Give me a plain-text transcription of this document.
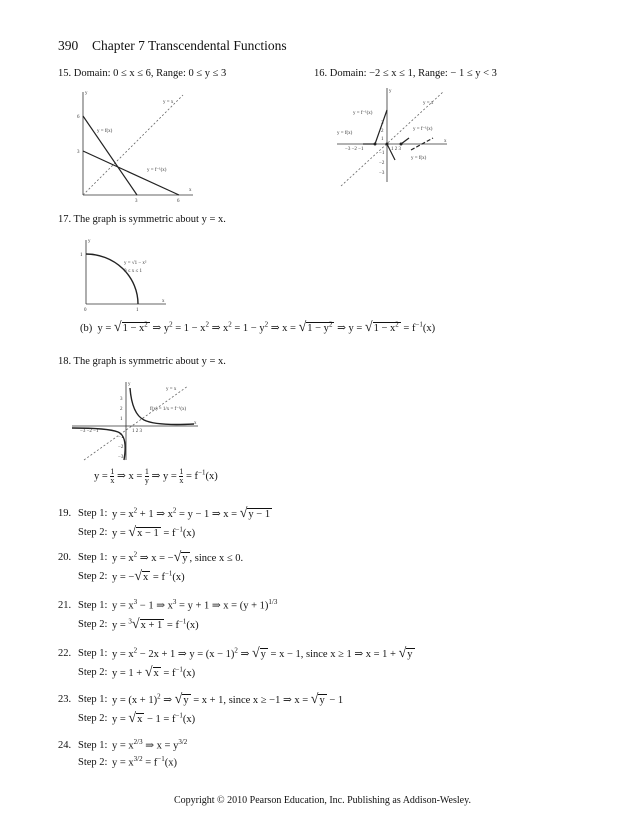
390 Chapter 7 Transcendental Functions
15. Domain: 0 ≤ x ≤ 6, Range: 0 ≤ y ≤ 3
y
x
y = x
y = f(x)
y = f⁻¹(x)
6
3
3	6
16. Domain: −2 ≤ x ≤ 1, Range: − 1 ≤ y < 3
y
x
y = x
y = f⁻¹(x)
y = f(x)
y = f⁻¹(x)
y = f(x)
−3 −2 −1	1 2 3
3
2
1
−1
−2
−3
17. The graph is symmetric about y = x.
y
x
y = √1 − x²
0 ≤ x ≤ 1
1
0	1
(b)  $y = √1 - x^2$ ⇒ $y^2 = 1 - x^2$ ⇒ $x^2 = 1 - y^2$ ⇒ $x = √1 - y^2$ ⇒ $y = √1 - x^2 = f^{-1}(x)$
18. The graph is symmetric about y = x.
y
x
y = x
f(x) = 1/x = f⁻¹(x)
−3 −2 −1	1 2 3
3
2
1
−1
−2
−3
$y = \frac{1}{x}$ ⇒ $x = \frac{1}{y}$ ⇒ $y = \frac{1}{x} = f^{-1}(x)$
19. Step 1: $y = x^2 + 1$ ⇒ $x^2 = y - 1$ ⇒ x = √y − 1
Step 2: $y = √x - 1 = f^{-1}(x)$
20. Step 1: $y = x^2$ ⇒ x = −√y , since x ≤ 0.
Step 2: $y = -√x = f^{-1}(x)$
21. Step 1: $y = x^3 - 1$ ⇒ $x^3 = y + 1$ ⇒ $x = (y + 1)^{1/3}$
Step 2: $y = ^3√x + 1 = f^{-1}(x)$
22. Step 1: $y = x^2 - 2x + 1$ ⇒ $y = (x - 1)^2$ ⇒ √y = x − 1, since x ≥ 1 ⇒ x = 1 + √y
Step 2: $y = 1 + √x = f^{-1}(x)$
23. Step 1: $y = (x + 1)^2$ ⇒ √y = x + 1, since x ≥ −1 ⇒ x = √y − 1
Step 2: $y = √x - 1 = f^{-1}(x)$
24. Step 1: $y = x^{2/3}$ ⇒ $x = y^{3/2}$
Step 2: $y = x^{3/2} = f^{-1}(x)$
Copyright © 2010 Pearson Education, Inc. Publishing as Addison-Wesley.
